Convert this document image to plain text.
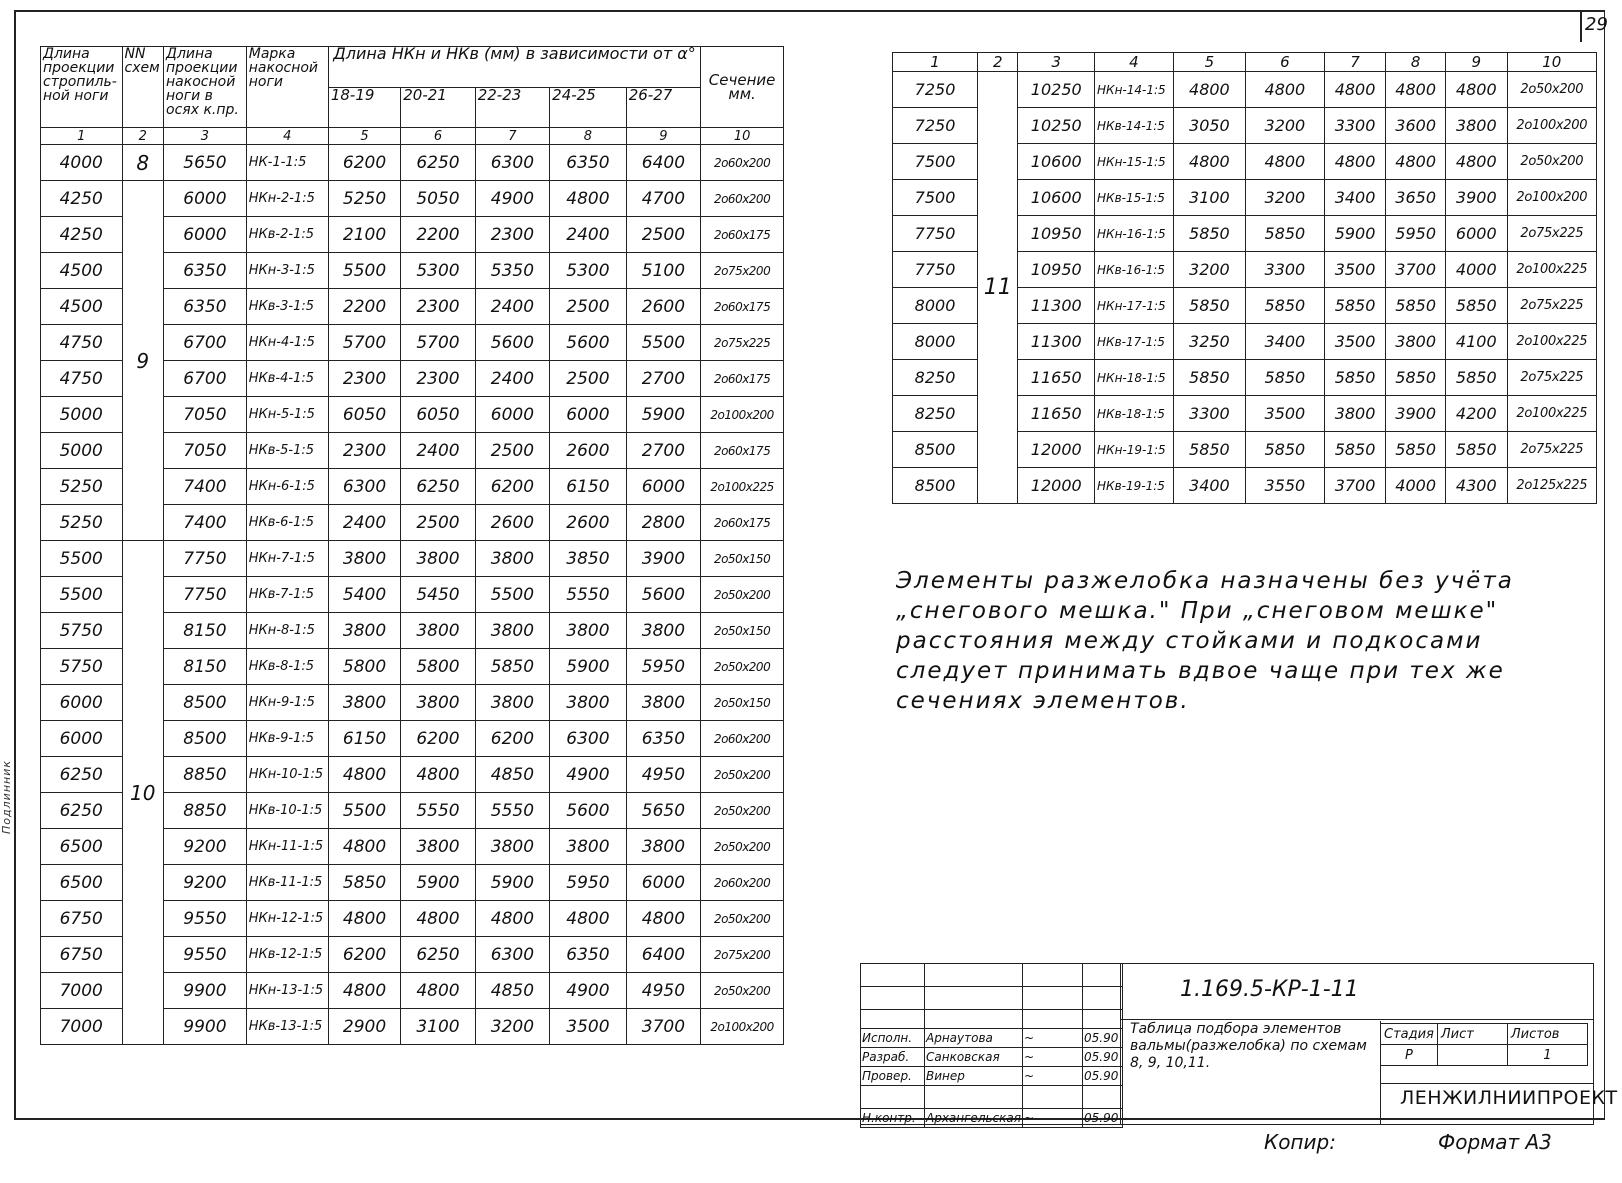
29
Подлинник
Длина проекции стропиль-ной ноги	NN схем	Длина проекции накосной ноги в осях к.пр.	Марка накосной ноги	Длина НКн и НКв (мм) в зависимости от α°					Сечение мм.
				18-19	20-21	22-23	24-25	26-27	
1	2	3	4	5	6	7	8	9	10
4000	8	5650	НК-1-1:5	6200	6250	6300	6350	6400	2о60х200
4250	9	6000	НКн-2-1:5	5250	5050	4900	4800	4700	2о60х200
4250		6000	НКв-2-1:5	2100	2200	2300	2400	2500	2о60х175
4500		6350	НКн-3-1:5	5500	5300	5350	5300	5100	2о75х200
4500		6350	НКв-3-1:5	2200	2300	2400	2500	2600	2о60х175
4750		6700	НКн-4-1:5	5700	5700	5600	5600	5500	2о75х225
4750		6700	НКв-4-1:5	2300	2300	2400	2500	2700	2о60х175
5000		7050	НКн-5-1:5	6050	6050	6000	6000	5900	2о100х200
5000		7050	НКв-5-1:5	2300	2400	2500	2600	2700	2о60х175
5250		7400	НКн-6-1:5	6300	6250	6200	6150	6000	2о100х225
5250		7400	НКв-6-1:5	2400	2500	2600	2600	2800	2о60х175
5500	10	7750	НКн-7-1:5	3800	3800	3800	3850	3900	2о50х150
5500		7750	НКв-7-1:5	5400	5450	5500	5550	5600	2о50х200
5750		8150	НКн-8-1:5	3800	3800	3800	3800	3800	2о50х150
5750		8150	НКв-8-1:5	5800	5800	5850	5900	5950	2о50х200
6000		8500	НКн-9-1:5	3800	3800	3800	3800	3800	2о50х150
6000		8500	НКв-9-1:5	6150	6200	6200	6300	6350	2о60х200
6250		8850	НКн-10-1:5	4800	4800	4850	4900	4950	2о50х200
6250		8850	НКв-10-1:5	5500	5550	5550	5600	5650	2о50х200
6500		9200	НКн-11-1:5	4800	3800	3800	3800	3800	2о50х200
6500		9200	НКв-11-1:5	5850	5900	5900	5950	6000	2о60х200
6750		9550	НКн-12-1:5	4800	4800	4800	4800	4800	2о50х200
6750		9550	НКв-12-1:5	6200	6250	6300	6350	6400	2о75х200
7000		9900	НКн-13-1:5	4800	4800	4850	4900	4950	2о50х200
7000		9900	НКв-13-1:5	2900	3100	3200	3500	3700	2о100х200
1	2	3	4	5	6	7	8	9	10
7250	11	10250	НКн-14-1:5	4800	4800	4800	4800	4800	2о50х200
7250		10250	НКв-14-1:5	3050	3200	3300	3600	3800	2о100х200
7500		10600	НКн-15-1:5	4800	4800	4800	4800	4800	2о50х200
7500		10600	НКв-15-1:5	3100	3200	3400	3650	3900	2о100х200
7750		10950	НКн-16-1:5	5850	5850	5900	5950	6000	2о75х225
7750		10950	НКв-16-1:5	3200	3300	3500	3700	4000	2о100х225
8000		11300	НКн-17-1:5	5850	5850	5850	5850	5850	2о75х225
8000		11300	НКв-17-1:5	3250	3400	3500	3800	4100	2о100х225
8250		11650	НКн-18-1:5	5850	5850	5850	5850	5850	2о75х225
8250		11650	НКв-18-1:5	3300	3500	3800	3900	4200	2о100х225
8500		12000	НКн-19-1:5	5850	5850	5850	5850	5850	2о75х225
8500		12000	НКв-19-1:5	3400	3550	3700	4000	4300	2о125х225
Элементы разжелобка назначены без учёта „снегового мешка." При „снеговом мешке" расстояния между стойками и подкосами следует принимать вдвое чаще при тех же сечениях элементов.

Исполн.	Арнаутова	~	05.90
Разраб.	Санковская	~	05.90
Провер.	Винер	~	05.90

Н.контр.	Архангельская	~	05.90
1.169.5-КР-1-11
Таблица подбора элементов вальмы(разжелобка) по схемам 8, 9, 10,11.
Стадия	Лист	Листов
Р		1
ЛЕНЖИЛНИИПРОЕКТ
Копир:	Формат А3
